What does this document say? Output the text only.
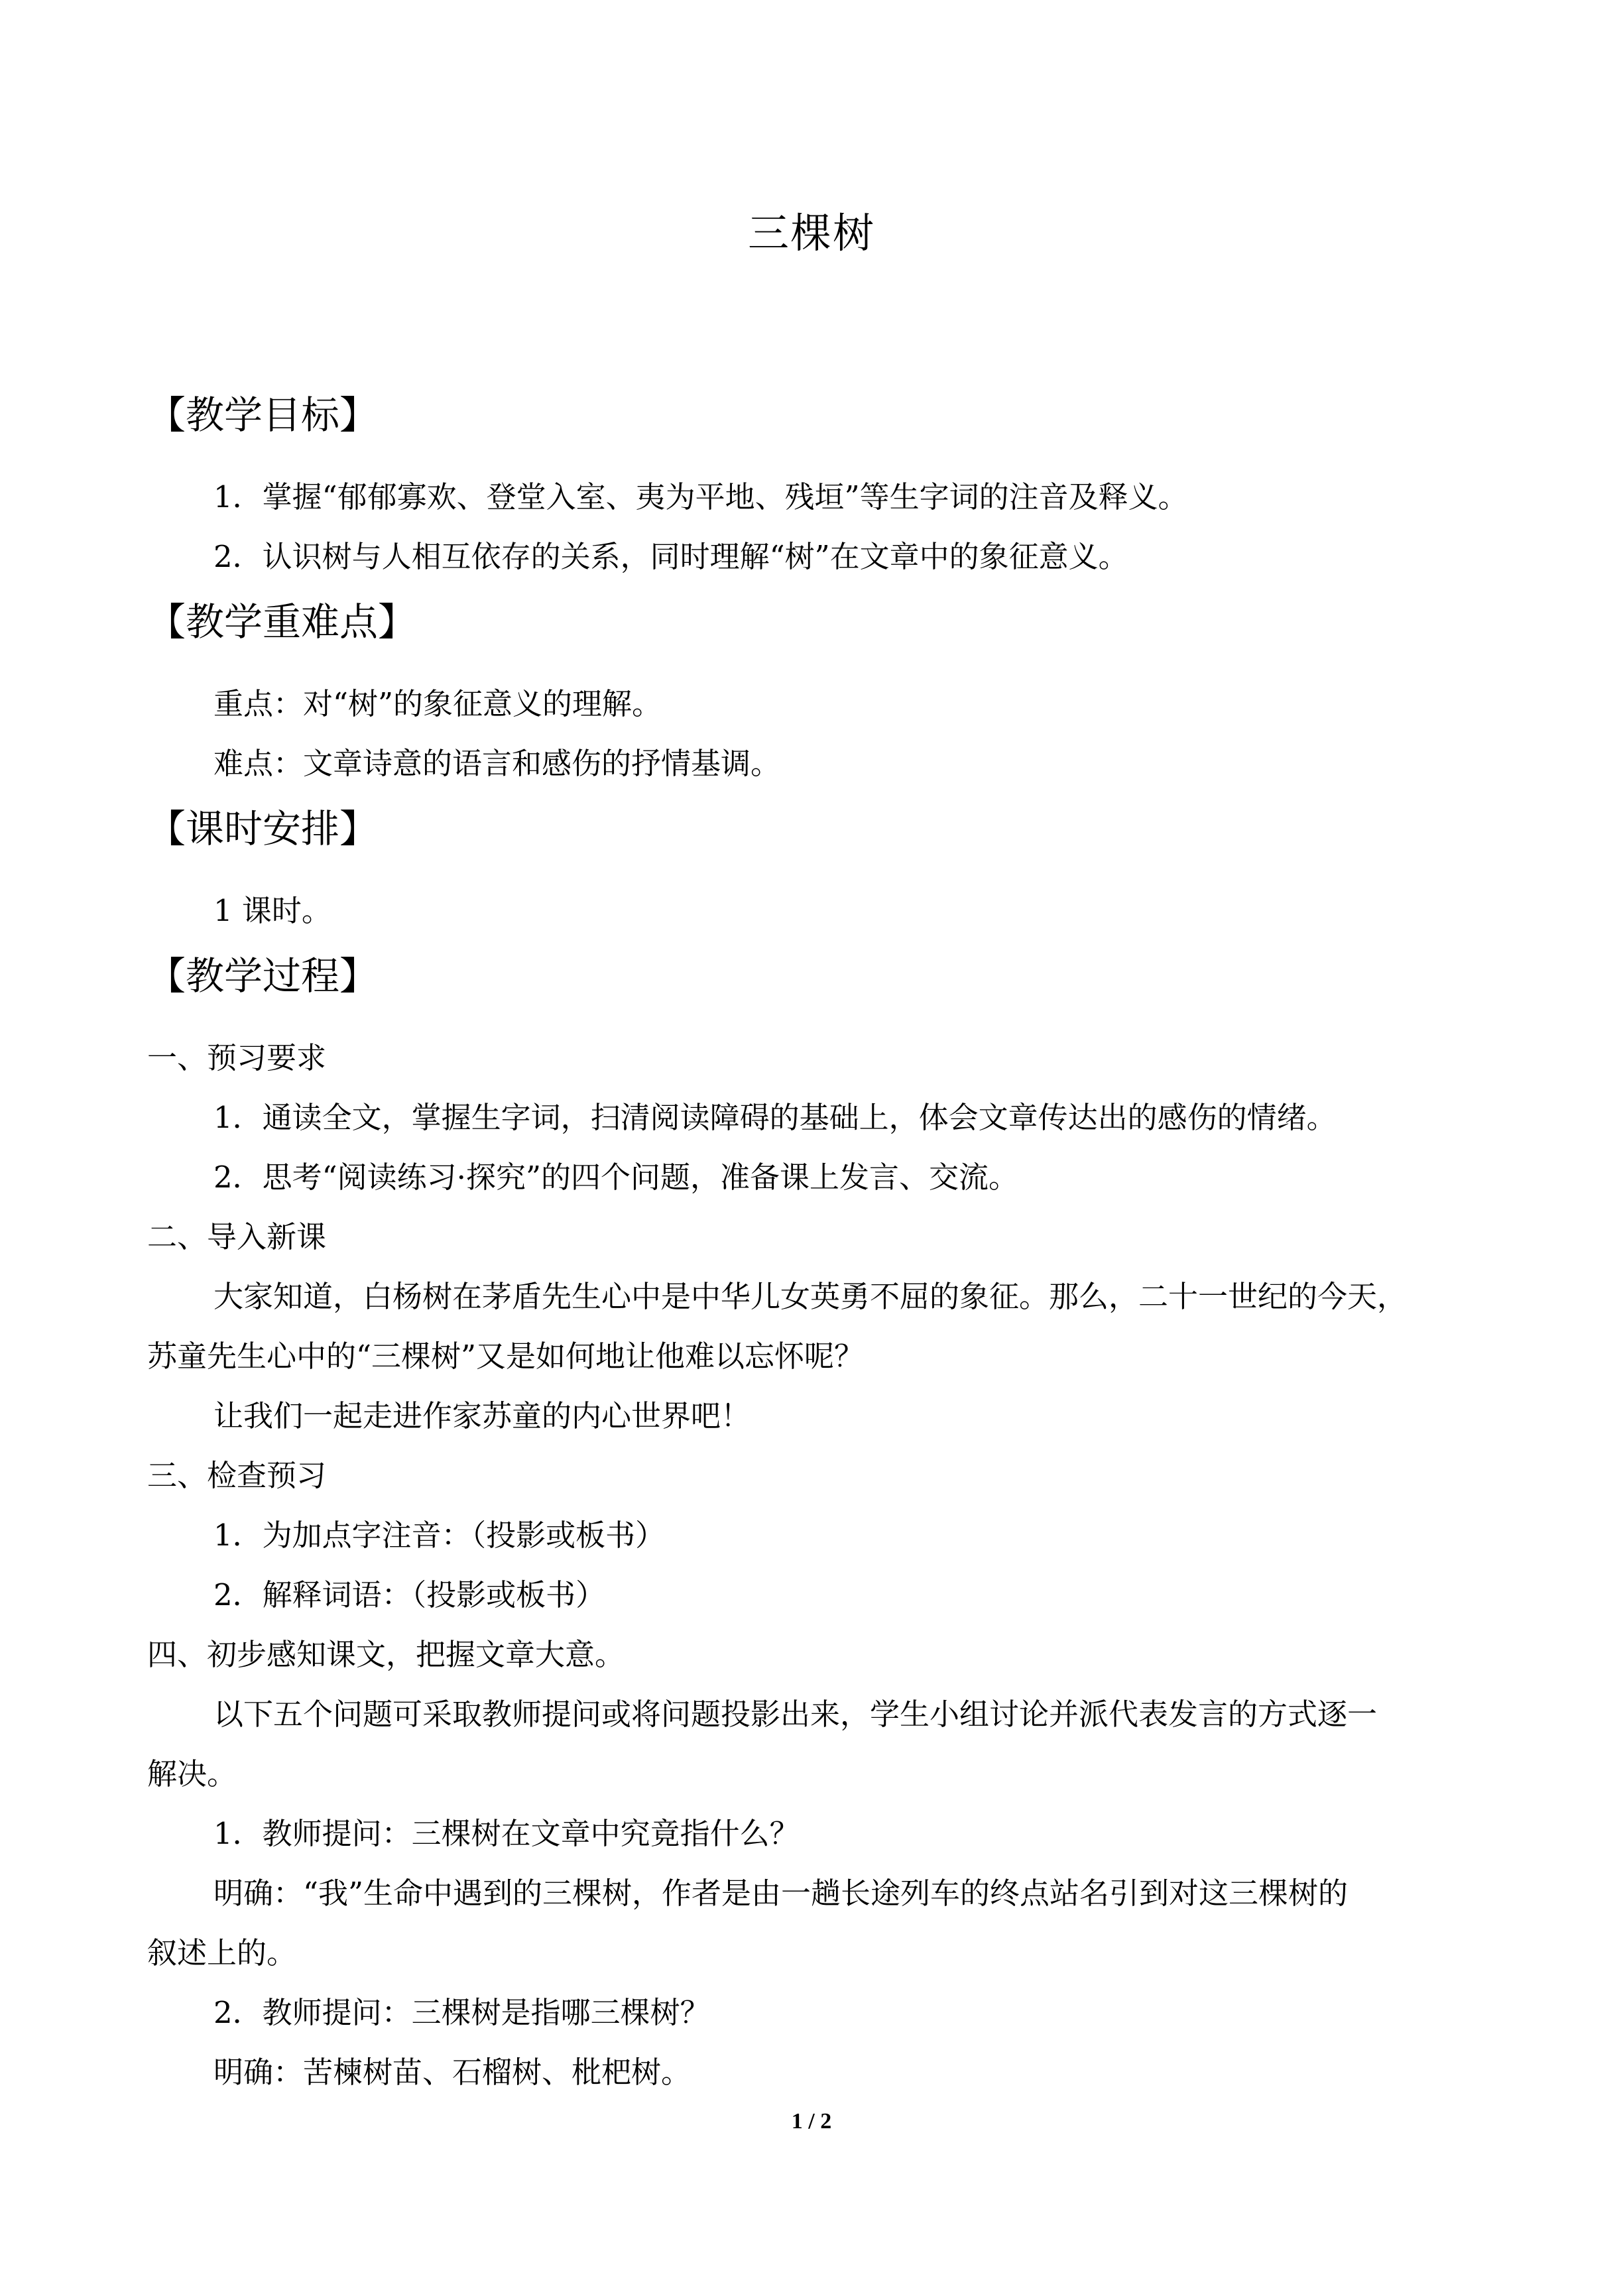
三棵树
【教学目标】
1．掌握“郁郁寡欢、登堂入室、夷为平地、残垣”等生字词的注音及释义。
2．认识树与人相互依存的关系，同时理解“树”在文章中的象征意义。
【教学重难点】
重点：对“树”的象征意义的理解。
难点：文章诗意的语言和感伤的抒情基调。
【课时安排】
1 课时。
【教学过程】
一、预习要求
1．通读全文，掌握生字词，扫清阅读障碍的基础上，体会文章传达出的感伤的情绪。
2．思考“阅读练习·探究”的四个问题，准备课上发言、交流。
二、导入新课
大家知道，白杨树在茅盾先生心中是中华儿女英勇不屈的象征。那么，二十一世纪的今天，
苏童先生心中的“三棵树”又是如何地让他难以忘怀呢？
让我们一起走进作家苏童的内心世界吧！
三、检查预习
1．为加点字注音：（投影或板书）
2．解释词语：（投影或板书）
四、初步感知课文，把握文章大意。
以下五个问题可采取教师提问或将问题投影出来，学生小组讨论并派代表发言的方式逐一
解决。
1．教师提问：三棵树在文章中究竟指什么？
明确：“我”生命中遇到的三棵树，作者是由一趟长途列车的终点站名引到对这三棵树的
叙述上的。
2．教师提问：三棵树是指哪三棵树？
明确：苦楝树苗、石榴树、枇杷树。
1 / 2
